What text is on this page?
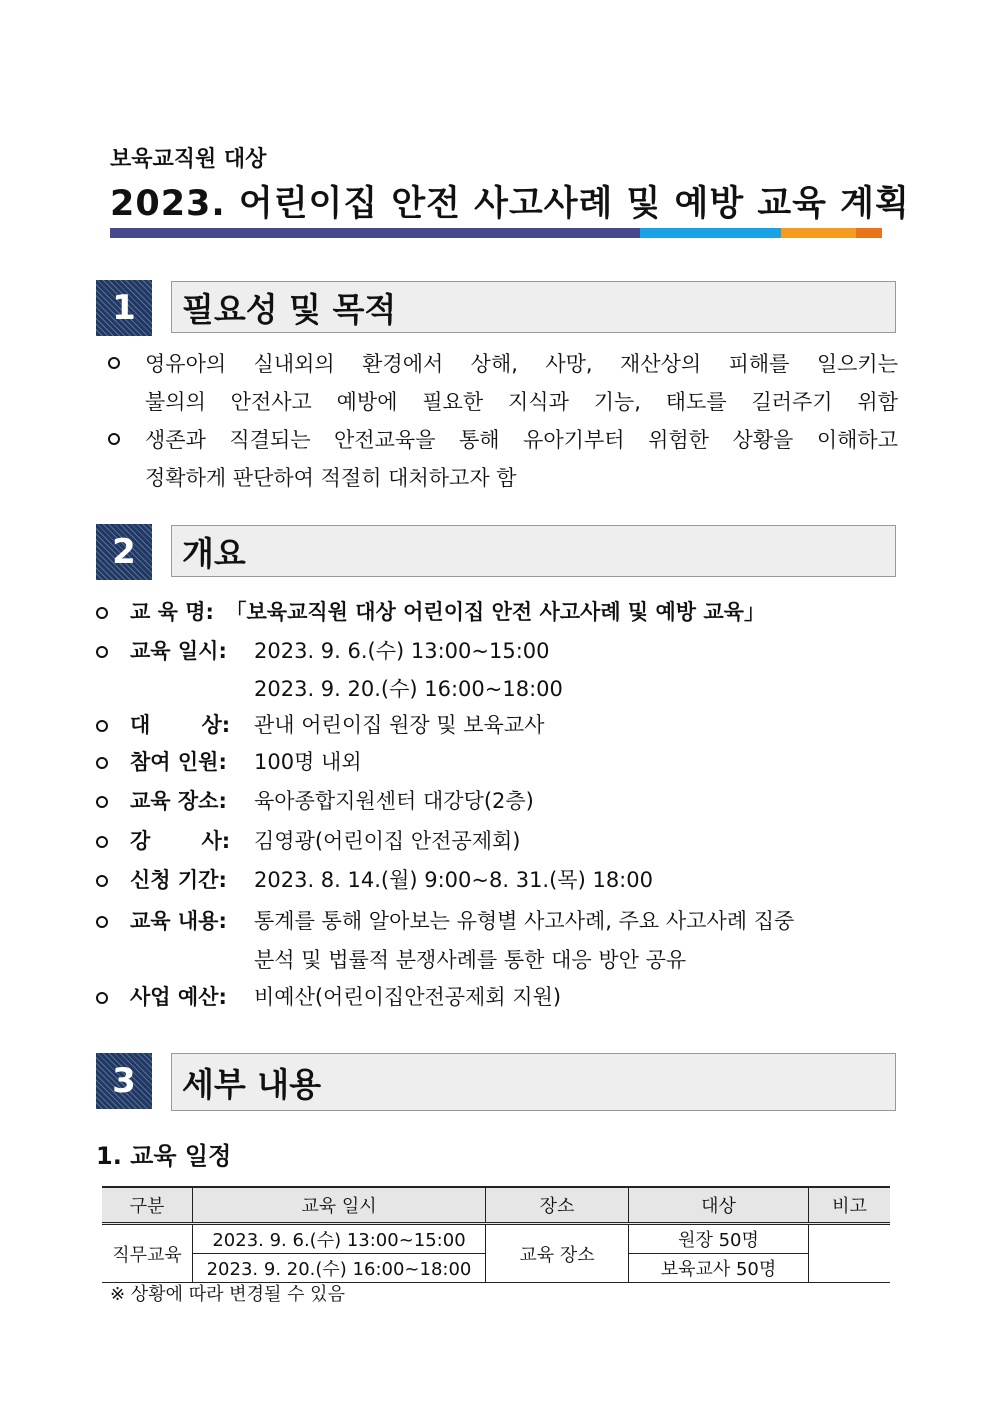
보육교직원 대상
2023. 어린이집 안전 사고사례 및 예방 교육 계획
1	필요성 및 목적
영유아의 실내외의 환경에서 상해, 사망, 재산상의 피해를 일으키는
불의의 안전사고 예방에 필요한 지식과 기능, 태도를 길러주기 위함
생존과 직결되는 안전교육을 통해 유아기부터 위험한 상황을 이해하고
정확하게 판단하여 적절히 대처하고자 함
2	개요
교 육 명: ｢보육교직원 대상 어린이집 안전 사고사례 및 예방 교육｣
교육 일시: 2023. 9. 6.(수) 13:00~15:00
2023. 9. 20.(수) 16:00~18:00
대       상: 관내 어린이집 원장 및 보육교사
참여 인원: 100명 내외
교육 장소: 육아종합지원센터 대강당(2층)
강       사: 김영광(어린이집 안전공제회)
신청 기간: 2023. 8. 14.(월) 9:00~8. 31.(목) 18:00
교육 내용: 통계를 통해 알아보는 유형별 사고사례, 주요 사고사례 집중
분석 및 법률적 분쟁사례를 통한 대응 방안 공유
사업 예산: 비예산(어린이집안전공제회 지원)
3	세부 내용
1. 교육 일정
구분	교육 일시	장소	대상	비고
직무교육	2023. 9. 6.(수) 13:00~15:00	교육 장소	원장 50명	
	2023. 9. 20.(수) 16:00~18:00		보육교사 50명	
※ 상황에 따라 변경될 수 있음
